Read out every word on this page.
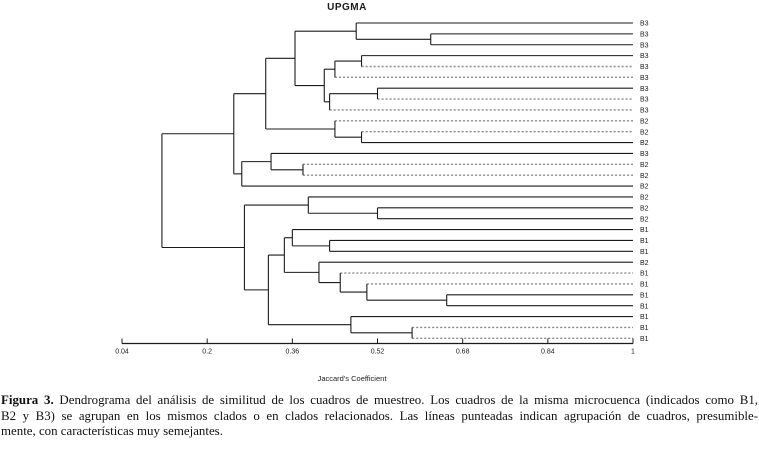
UPGMA
B3
B3
B3
B3
B3
B3
B3
B3
B3
B2
B2
B2
B3
B2
B2
B2
B2
B2
B2
B1
B1
B1
B2
B1
B1
B1
B1
B1
B1
B1
0.04	0.2	0.36	0.52	0.68	0.84	1
Jaccard's Coefficient
Figura 3. Dendrograma del análisis de similitud de los cuadros de muestreo. Los cuadros de la misma microcuenca (indicados como B1,
B2 y B3) se agrupan en los mismos clados o en clados relacionados. Las líneas punteadas indican agrupación de cuadros, presumible-
mente, con características muy semejantes.
